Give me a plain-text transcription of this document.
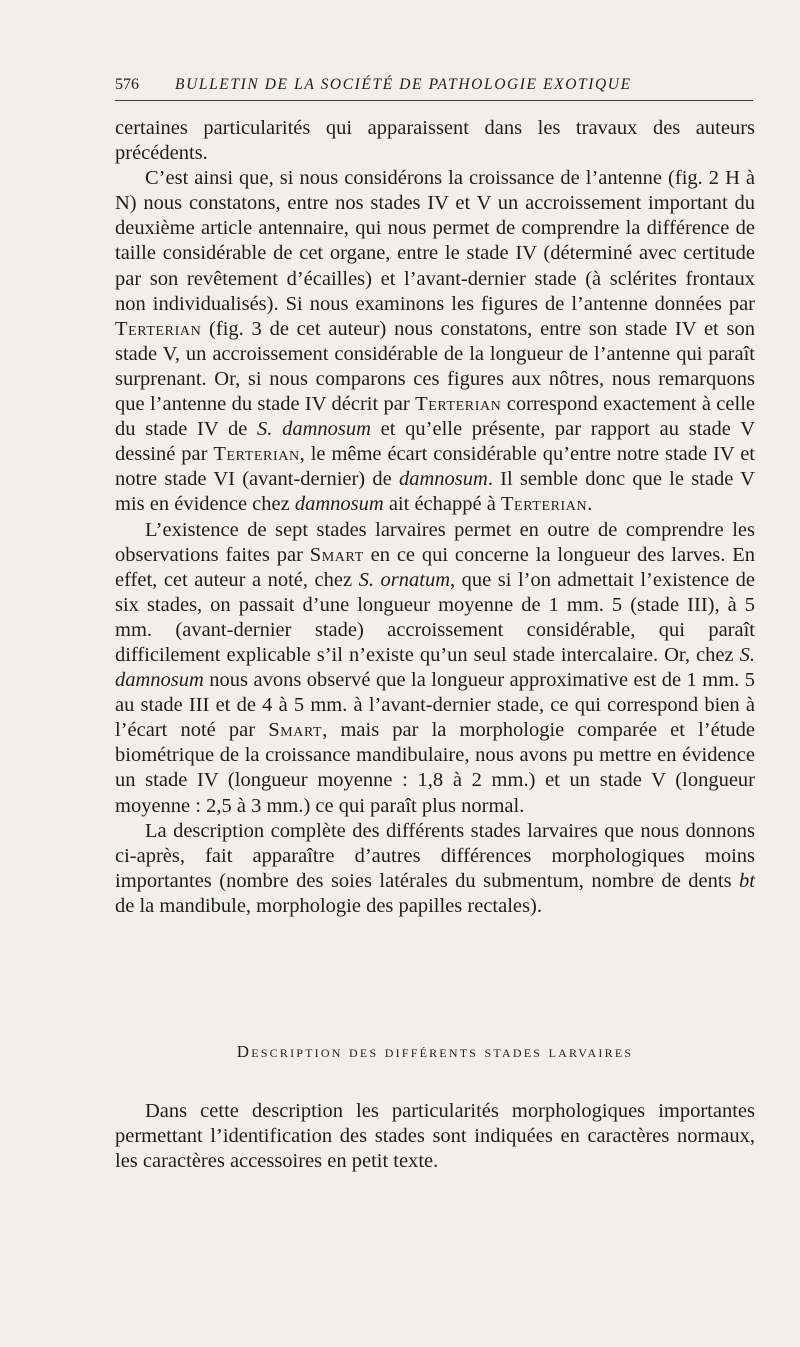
576 BULLETIN DE LA SOCIÉTÉ DE PATHOLOGIE EXOTIQUE

certaines particularités qui apparaissent dans les travaux des auteurs précédents.

C’est ainsi que, si nous considérons la croissance de l’antenne (fig. 2 H à N) nous constatons, entre nos stades IV et V un accroissement important du deuxième article antennaire, qui nous permet de comprendre la différence de taille considérable de cet organe, entre le stade IV (déterminé avec certitude par son revêtement d’écailles) et l’avant-dernier stade (à sclérites frontaux non individualisés). Si nous examinons les figures de l’antenne données par Terterian (fig. 3 de cet auteur) nous constatons, entre son stade IV et son stade V, un accroissement considérable de la longueur de l’antenne qui paraît surprenant. Or, si nous comparons ces figures aux nôtres, nous remarquons que l’antenne du stade IV décrit par Terterian correspond exactement à celle du stade IV de S. damnosum et qu’elle présente, par rapport au stade V dessiné par Terterian, le même écart considérable qu’entre notre stade IV et notre stade VI (avant-dernier) de damnosum. Il semble donc que le stade V mis en évidence chez damnosum ait échappé à Terterian.

L’existence de sept stades larvaires permet en outre de comprendre les observations faites par Smart en ce qui concerne la longueur des larves. En effet, cet auteur a noté, chez S. ornatum, que si l’on admettait l’existence de six stades, on passait d’une longueur moyenne de 1 mm. 5 (stade III), à 5 mm. (avant-dernier stade) accroissement considérable, qui paraît difficilement explicable s’il n’existe qu’un seul stade intercalaire. Or, chez S. damnosum nous avons observé que la longueur approximative est de 1 mm. 5 au stade III et de 4 à 5 mm. à l’avant-dernier stade, ce qui correspond bien à l’écart noté par Smart, mais par la morphologie comparée et l’étude biométrique de la croissance mandibulaire, nous avons pu mettre en évidence un stade IV (longueur moyenne : 1,8 à 2 mm.) et un stade V (longueur moyenne : 2,5 à 3 mm.) ce qui paraît plus normal.

La description complète des différents stades larvaires que nous donnons ci-après, fait apparaître d’autres différences morphologiques moins importantes (nombre des soies latérales du submentum, nombre de dents bt de la mandibule, morphologie des papilles rectales).

Description des différents stades larvaires

Dans cette description les particularités morphologiques importantes permettant l’identification des stades sont indiquées en caractères normaux, les caractères accessoires en petit texte.
